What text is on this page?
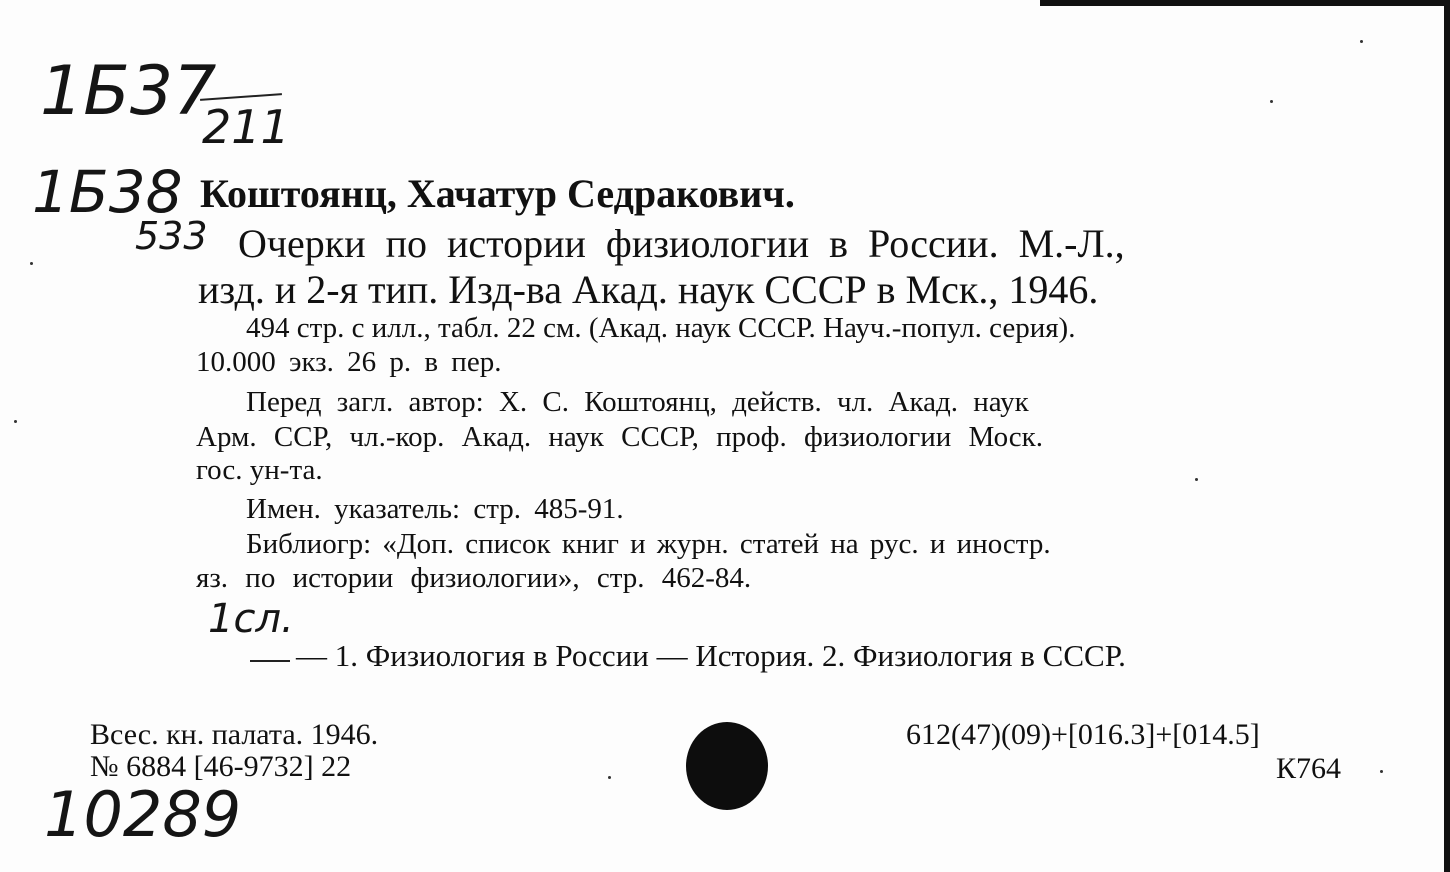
1Б37
211
1Б38
533
1сл.
10289
Коштоянц, Хачатур Седракович.
Очерки по истории физиологии в России. М.-Л.,
изд. и 2-я тип. Изд-ва Акад. наук СССР в Мск., 1946.
494 стр. с илл., табл. 22 см. (Акад. наук СССР. Науч.-попул. серия).
10.000 экз. 26 р. в пер.
Перед загл. автор: Х. С. Коштоянц, действ. чл. Акад. наук
Арм. ССР, чл.-кор. Акад. наук СССР, проф. физиологии Моск.
гос. ун-та.
Имен. указатель: стр. 485-91.
Библиогр: «Доп. список книг и журн. статей на рус. и иностр.
яз. по истории физиологии», стр. 462-84.
— 1. Физиология в России — История. 2. Физиология в СССР.
Всес. кн. палата. 1946.
№ 6884 [46-9732] 22
612(47)(09)+[016.3]+[014.5]
К764
